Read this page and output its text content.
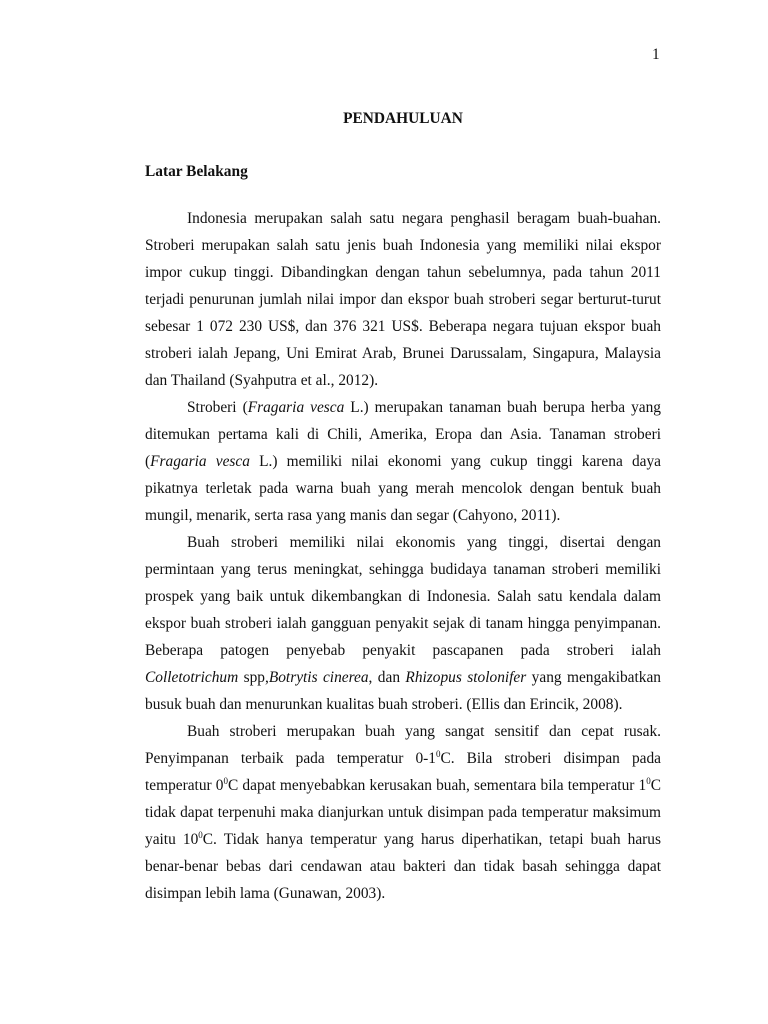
1
PENDAHULUAN
Latar Belakang

Indonesia merupakan salah satu negara penghasil beragam buah-buahan. Stroberi merupakan salah satu jenis buah Indonesia yang memiliki nilai ekspor impor cukup tinggi. Dibandingkan dengan tahun sebelumnya, pada tahun 2011 terjadi penurunan jumlah nilai impor dan ekspor buah stroberi segar berturut-turut sebesar 1 072 230 US$, dan 376 321 US$. Beberapa negara tujuan ekspor buah stroberi ialah Jepang, Uni Emirat Arab, Brunei Darussalam, Singapura, Malaysia dan Thailand (Syahputra et al., 2012).

Stroberi (Fragaria vesca L.) merupakan tanaman buah berupa herba yang ditemukan pertama kali di Chili, Amerika, Eropa dan Asia. Tanaman stroberi (Fragaria vesca L.) memiliki nilai ekonomi yang cukup tinggi karena daya pikatnya terletak pada warna buah yang merah mencolok dengan bentuk buah mungil, menarik, serta rasa yang manis dan segar (Cahyono, 2011).

Buah stroberi memiliki nilai ekonomis yang tinggi, disertai dengan permintaan yang terus meningkat, sehingga budidaya tanaman stroberi memiliki prospek yang baik untuk dikembangkan di Indonesia. Salah satu kendala dalam ekspor buah stroberi ialah gangguan penyakit sejak di tanam hingga penyimpanan. Beberapa patogen penyebab penyakit pascapanen pada stroberi ialah Colletotrichum spp,Botrytis cinerea, dan Rhizopus stolonifer yang mengakibatkan busuk buah dan menurunkan kualitas buah stroberi. (Ellis dan Erincik, 2008).

Buah stroberi merupakan buah yang sangat sensitif dan cepat rusak. Penyimpanan terbaik pada temperatur $0-1^0C$. Bila stroberi disimpan pada temperatur $0^0C$ dapat menyebabkan kerusakan buah, sementara bila temperatur $1^0C$ tidak dapat terpenuhi maka dianjurkan untuk disimpan pada temperatur maksimum yaitu $10^0C$. Tidak hanya temperatur yang harus diperhatikan, tetapi buah harus benar-benar bebas dari cendawan atau bakteri dan tidak basah sehingga dapat disimpan lebih lama (Gunawan, 2003).
